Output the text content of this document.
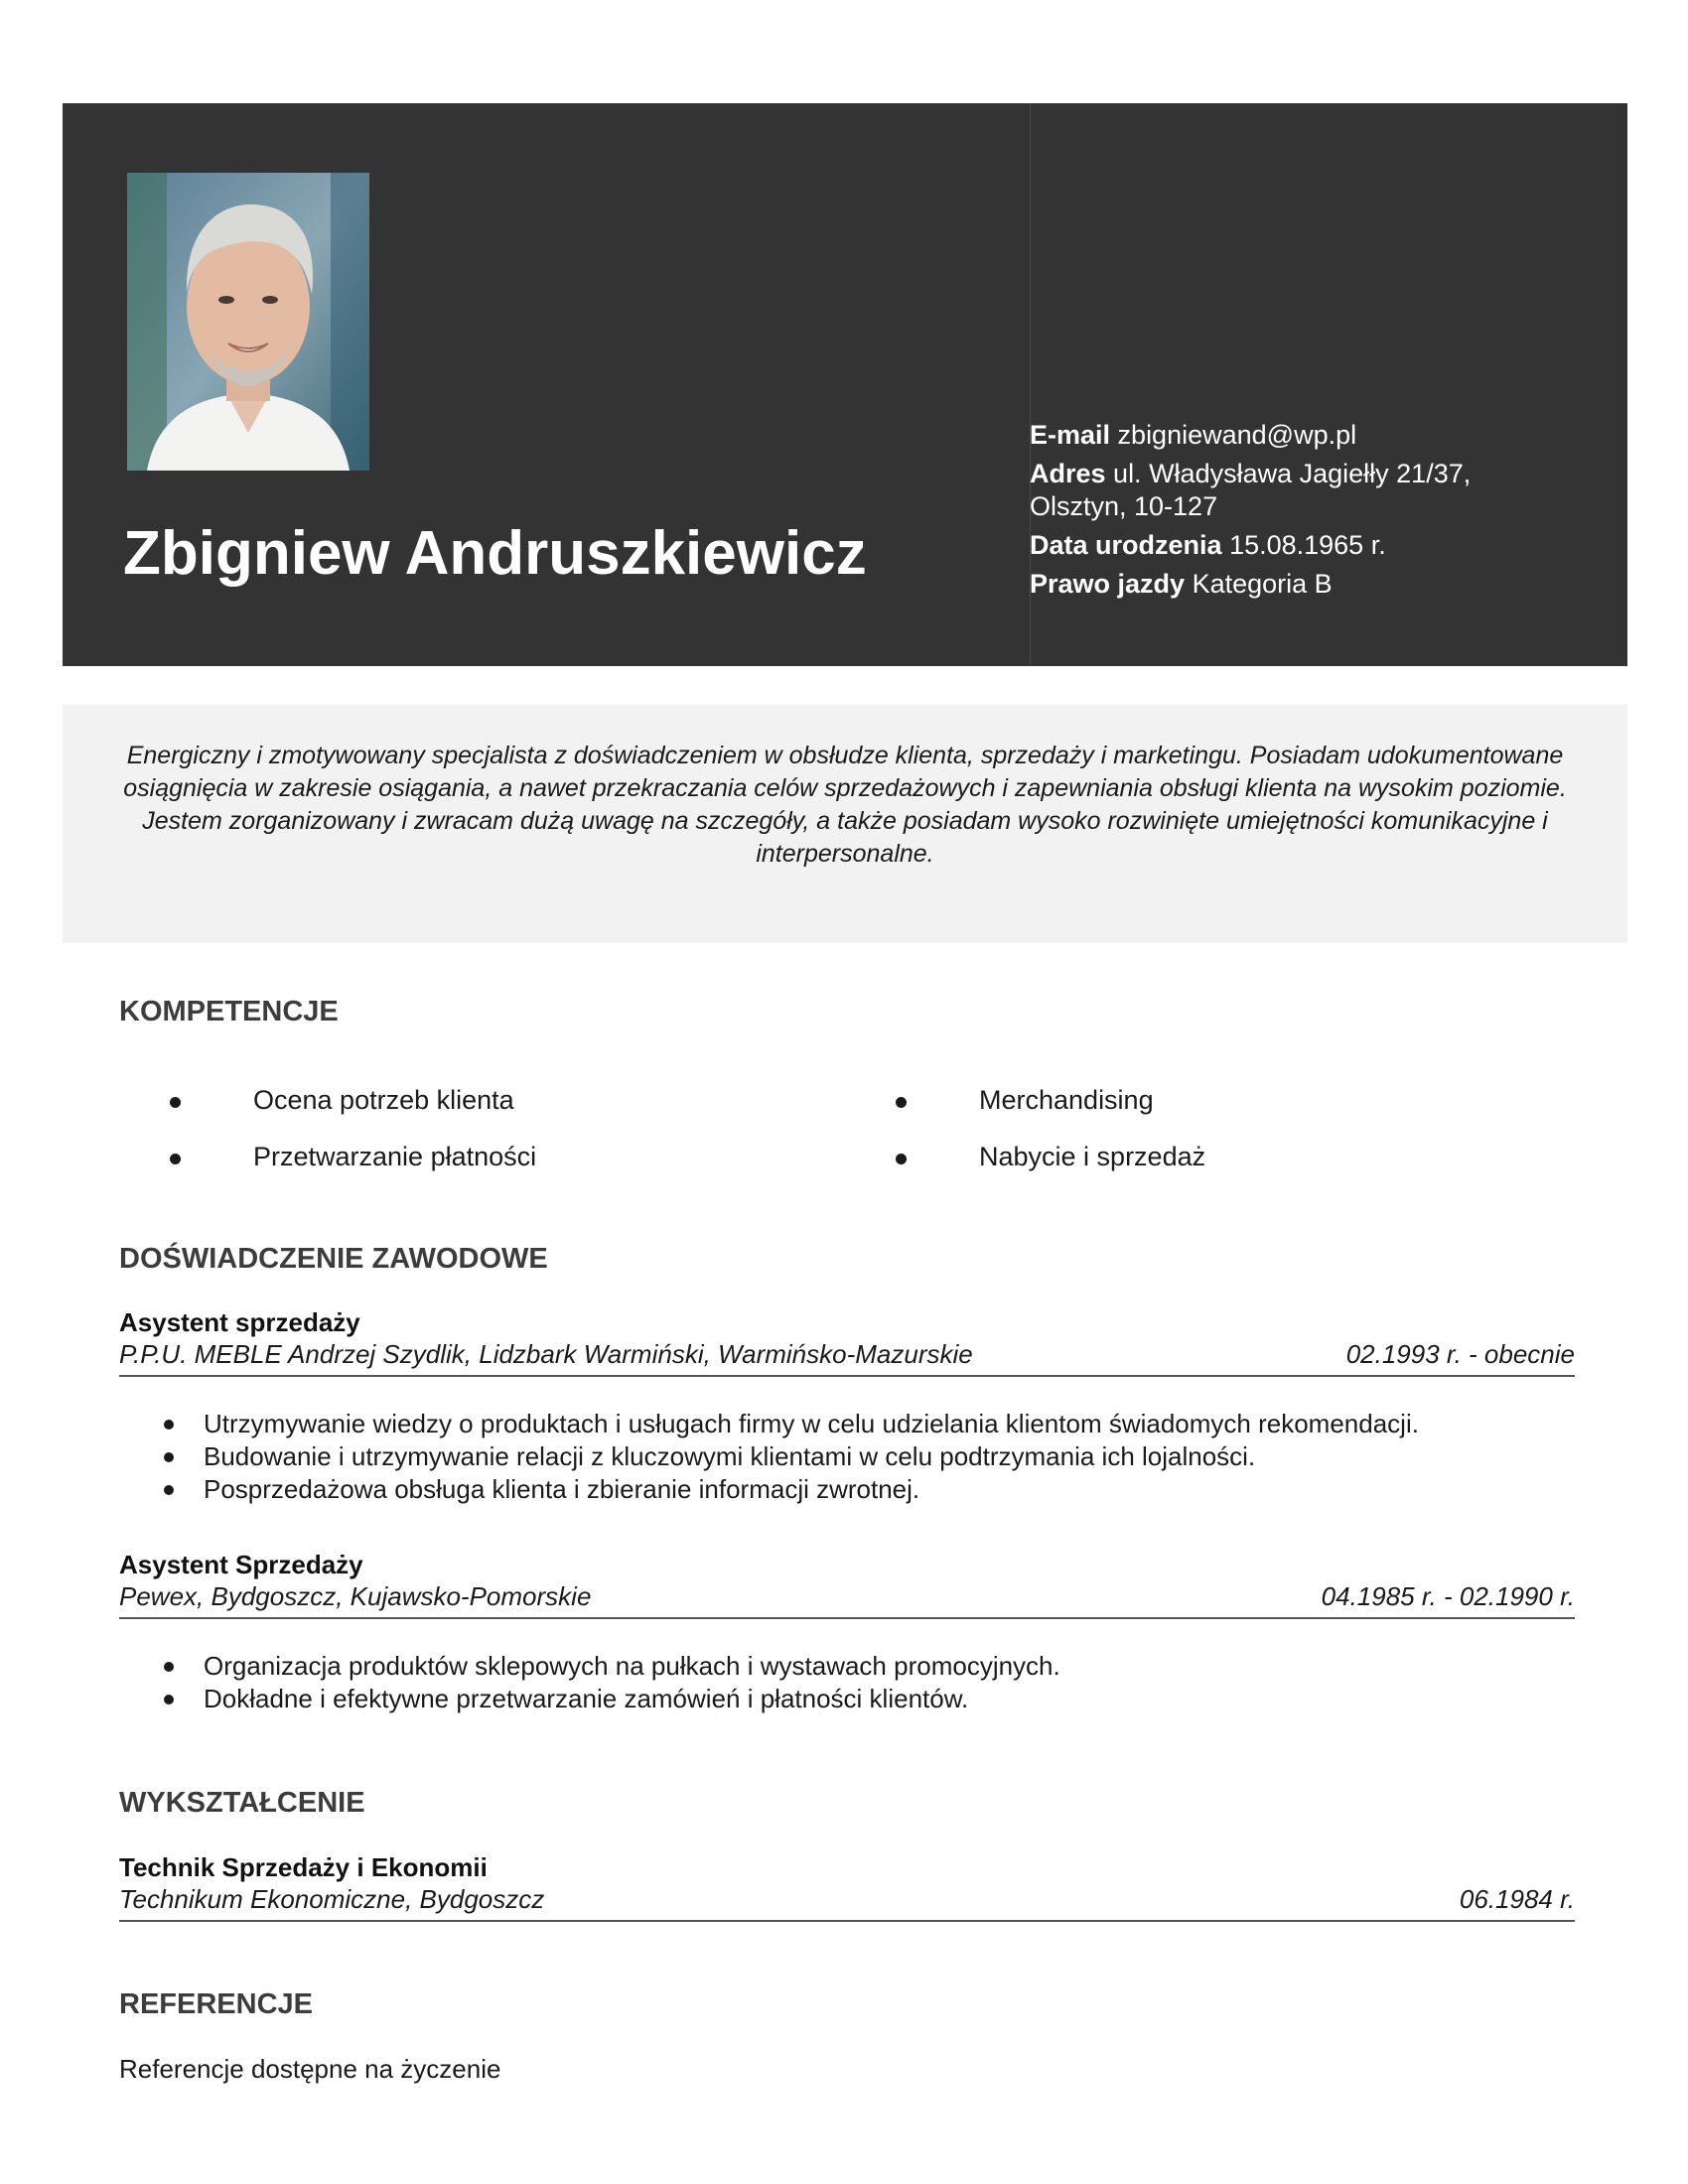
Zbigniew Andruszkiewicz
E-mail zbigniewand@wp.pl
Adres ul. Władysława Jagiełły 21/37,
Olsztyn, 10-127
Data urodzenia 15.08.1965 r.
Prawo jazdy Kategoria B

Energiczny i zmotywowany specjalista z doświadczeniem w obsłudze klienta, sprzedaży i marketingu. Posiadam udokumentowane osiągnięcia w zakresie osiągania, a nawet przekraczania celów sprzedażowych i zapewniania obsługi klienta na wysokim poziomie. Jestem zorganizowany i zwracam dużą uwagę na szczegóły, a także posiadam wysoko rozwinięte umiejętności komunikacyjne i interpersonalne.

KOMPETENCJE
Ocena potrzeb klienta	Merchandising
Przetwarzanie płatności	Nabycie i sprzedaż
DOŚWIADCZENIE ZAWODOWE
Asystent sprzedaży
P.P.U. MEBLE Andrzej Szydlik, Lidzbark Warmiński, Warmińsko-Mazurskie	02.1993 r. - obecnie
Utrzymywanie wiedzy o produktach i usługach firmy w celu udzielania klientom świadomych rekomendacji.
Budowanie i utrzymywanie relacji z kluczowymi klientami w celu podtrzymania ich lojalności.
Posprzedażowa obsługa klienta i zbieranie informacji zwrotnej.
Asystent Sprzedaży
Pewex, Bydgoszcz, Kujawsko-Pomorskie	04.1985 r. - 02.1990 r.
Organizacja produktów sklepowych na pułkach i wystawach promocyjnych.
Dokładne i efektywne przetwarzanie zamówień i płatności klientów.
WYKSZTAŁCENIE
Technik Sprzedaży i Ekonomii
Technikum Ekonomiczne, Bydgoszcz	06.1984 r.
REFERENCJE
Referencje dostępne na życzenie
